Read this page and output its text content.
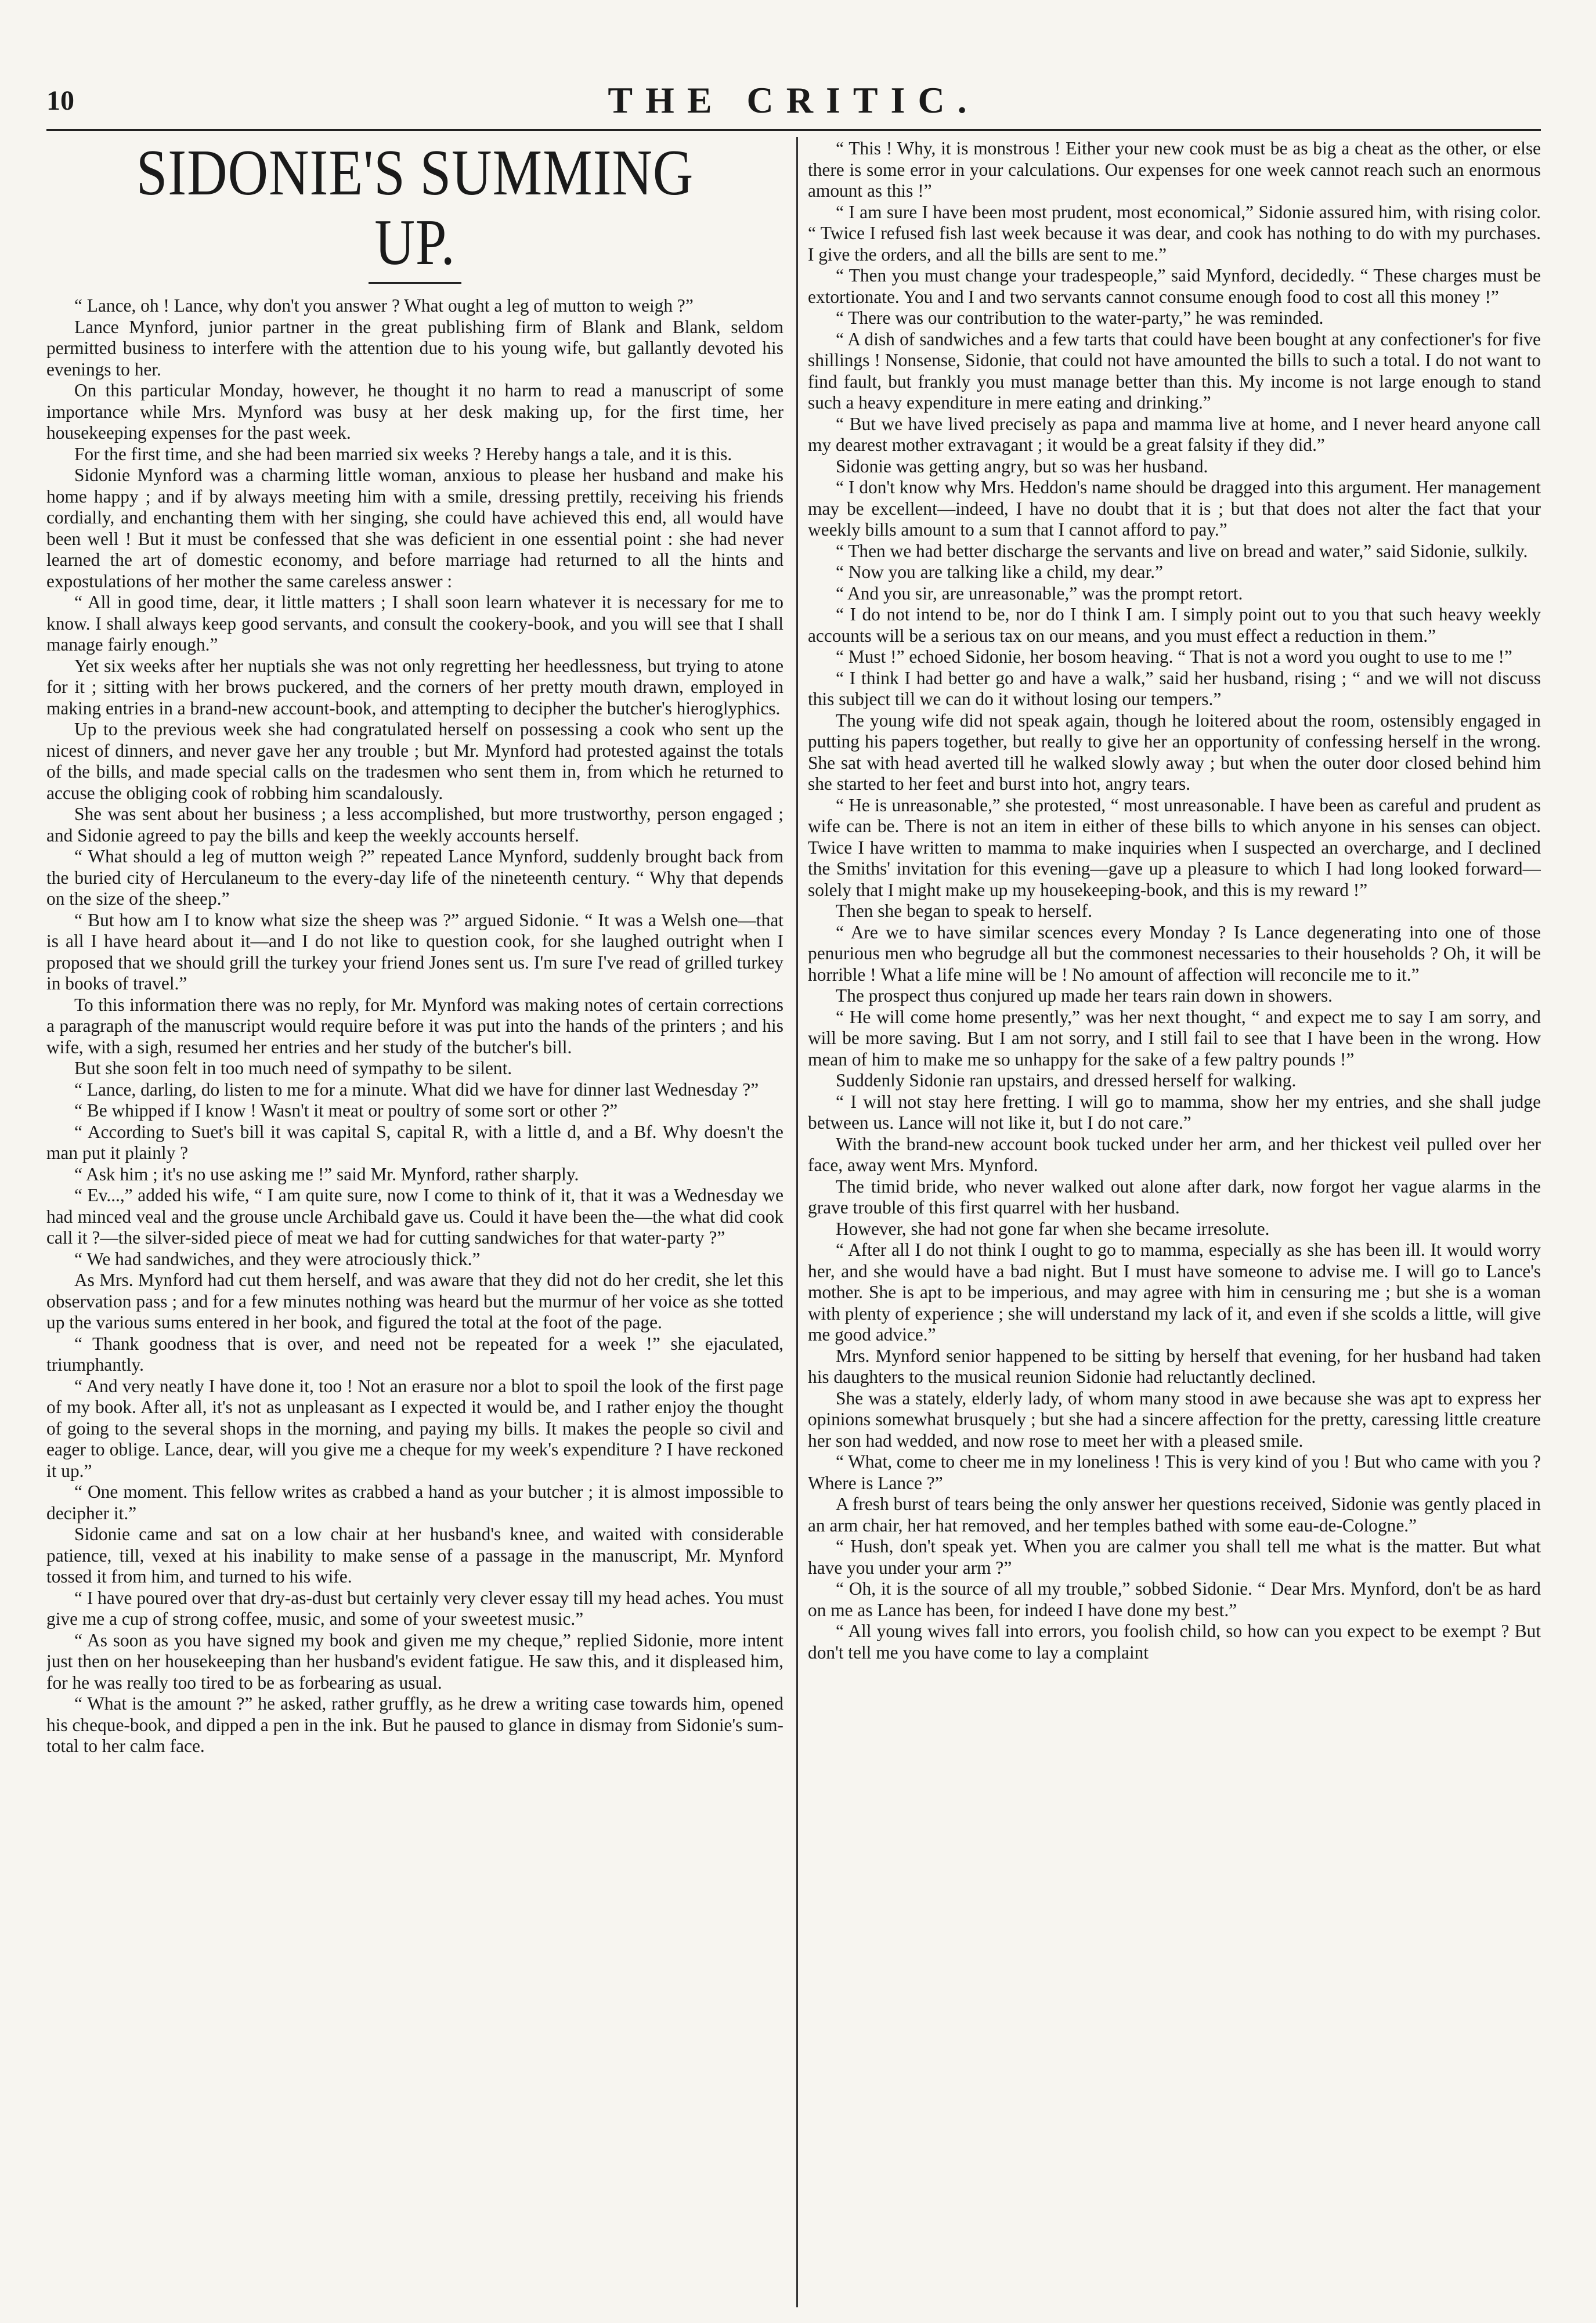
10	THE CRITIC.
SIDONIE'S SUMMING UP.

“ Lance, oh ! Lance, why don't you answer ? What ought a leg of mutton to weigh ?”

Lance Mynford, junior partner in the great publishing firm of Blank and Blank, seldom permitted business to interfere with the attention due to his young wife, but gallantly devoted his evenings to her.

On this particular Monday, however, he thought it no harm to read a manuscript of some importance while Mrs. Mynford was busy at her desk making up, for the first time, her housekeeping expenses for the past week.

For the first time, and she had been married six weeks ? Hereby hangs a tale, and it is this.

Sidonie Mynford was a charming little woman, anxious to please her husband and make his home happy ; and if by always meeting him with a smile, dressing prettily, receiving his friends cordially, and enchanting them with her singing, she could have achieved this end, all would have been well ! But it must be confessed that she was deficient in one essential point : she had never learned the art of domestic economy, and before marriage had returned to all the hints and expostulations of her mother the same careless answer :

“ All in good time, dear, it little matters ; I shall soon learn whatever it is necessary for me to know. I shall always keep good servants, and consult the cookery-book, and you will see that I shall manage fairly enough.”

Yet six weeks after her nuptials she was not only regretting her heedlessness, but trying to atone for it ; sitting with her brows puckered, and the corners of her pretty mouth drawn, employed in making entries in a brand-new account-book, and attempting to decipher the butcher's hieroglyphics.

Up to the previous week she had congratulated herself on possessing a cook who sent up the nicest of dinners, and never gave her any trouble ; but Mr. Mynford had protested against the totals of the bills, and made special calls on the tradesmen who sent them in, from which he returned to accuse the obliging cook of robbing him scandalously.

She was sent about her business ; a less accomplished, but more trustworthy, person engaged ; and Sidonie agreed to pay the bills and keep the weekly accounts herself.

“ What should a leg of mutton weigh ?” repeated Lance Mynford, suddenly brought back from the buried city of Herculaneum to the every-day life of the nineteenth century. “ Why that depends on the size of the sheep.”

“ But how am I to know what size the sheep was ?” argued Sidonie. “ It was a Welsh one—that is all I have heard about it—and I do not like to question cook, for she laughed outright when I proposed that we should grill the turkey your friend Jones sent us. I'm sure I've read of grilled turkey in books of travel.”

To this information there was no reply, for Mr. Mynford was making notes of certain corrections a paragraph of the manuscript would require before it was put into the hands of the printers ; and his wife, with a sigh, resumed her entries and her study of the butcher's bill.

But she soon felt in too much need of sympathy to be silent.

“ Lance, darling, do listen to me for a minute. What did we have for dinner last Wednesday ?”

“ Be whipped if I know ! Wasn't it meat or poultry of some sort or other ?”

“ According to Suet's bill it was capital S, capital R, with a little d, and a Bf. Why doesn't the man put it plainly ?

“ Ask him ; it's no use asking me !” said Mr. Mynford, rather sharply.

“ Ev...,” added his wife, “ I am quite sure, now I come to think of it, that it was a Wednesday we had minced veal and the grouse uncle Archibald gave us. Could it have been the—the what did cook call it ?—the silver-sided piece of meat we had for cutting sandwiches for that water-party ?”

“ We had sandwiches, and they were atrociously thick.”

As Mrs. Mynford had cut them herself, and was aware that they did not do her credit, she let this observation pass ; and for a few minutes nothing was heard but the murmur of her voice as she totted up the various sums entered in her book, and figured the total at the foot of the page.

“ Thank goodness that is over, and need not be repeated for a week !” she ejaculated, triumphantly.

“ And very neatly I have done it, too ! Not an erasure nor a blot to spoil the look of the first page of my book. After all, it's not as unpleasant as I expected it would be, and I rather enjoy the thought of going to the several shops in the morning, and paying my bills. It makes the people so civil and eager to oblige. Lance, dear, will you give me a cheque for my week's expenditure ? I have reckoned it up.”

“ One moment. This fellow writes as crabbed a hand as your butcher ; it is almost impossible to decipher it.”

Sidonie came and sat on a low chair at her husband's knee, and waited with considerable patience, till, vexed at his inability to make sense of a passage in the manuscript, Mr. Mynford tossed it from him, and turned to his wife.

“ I have poured over that dry-as-dust but certainly very clever essay till my head aches. You must give me a cup of strong coffee, music, and some of your sweetest music.”

“ As soon as you have signed my book and given me my cheque,” replied Sidonie, more intent just then on her housekeeping than her husband's evident fatigue. He saw this, and it displeased him, for he was really too tired to be as forbearing as usual.

“ What is the amount ?” he asked, rather gruffly, as he drew a writing case towards him, opened his cheque-book, and dipped a pen in the ink. But he paused to glance in dismay from Sidonie's sum-total to her calm face.

“ This ! Why, it is monstrous ! Either your new cook must be as big a cheat as the other, or else there is some error in your calculations. Our expenses for one week cannot reach such an enormous amount as this !”

“ I am sure I have been most prudent, most economical,” Sidonie assured him, with rising color. “ Twice I refused fish last week because it was dear, and cook has nothing to do with my purchases. I give the orders, and all the bills are sent to me.”

“ Then you must change your tradespeople,” said Mynford, decidedly. “ These charges must be extortionate. You and I and two servants cannot consume enough food to cost all this money !”

“ There was our contribution to the water-party,” he was reminded.

“ A dish of sandwiches and a few tarts that could have been bought at any confectioner's for five shillings ! Nonsense, Sidonie, that could not have amounted the bills to such a total. I do not want to find fault, but frankly you must manage better than this. My income is not large enough to stand such a heavy expenditure in mere eating and drinking.”

“ But we have lived precisely as papa and mamma live at home, and I never heard anyone call my dearest mother extravagant ; it would be a great falsity if they did.”

Sidonie was getting angry, but so was her husband.

“ I don't know why Mrs. Heddon's name should be dragged into this argument. Her management may be excellent—indeed, I have no doubt that it is ; but that does not alter the fact that your weekly bills amount to a sum that I cannot afford to pay.”

“ Then we had better discharge the servants and live on bread and water,” said Sidonie, sulkily.

“ Now you are talking like a child, my dear.”

“ And you sir, are unreasonable,” was the prompt retort.

“ I do not intend to be, nor do I think I am. I simply point out to you that such heavy weekly accounts will be a serious tax on our means, and you must effect a reduction in them.”

“ Must !” echoed Sidonie, her bosom heaving. “ That is not a word you ought to use to me !”

“ I think I had better go and have a walk,” said her husband, rising ; “ and we will not discuss this subject till we can do it without losing our tempers.”

The young wife did not speak again, though he loitered about the room, ostensibly engaged in putting his papers together, but really to give her an opportunity of confessing herself in the wrong. She sat with head averted till he walked slowly away ; but when the outer door closed behind him she started to her feet and burst into hot, angry tears.

“ He is unreasonable,” she protested, “ most unreasonable. I have been as careful and prudent as wife can be. There is not an item in either of these bills to which anyone in his senses can object. Twice I have written to mamma to make inquiries when I suspected an overcharge, and I declined the Smiths' invitation for this evening—gave up a pleasure to which I had long looked forward—solely that I might make up my housekeeping-book, and this is my reward !”

Then she began to speak to herself.

“ Are we to have similar scences every Monday ? Is Lance degenerating into one of those penurious men who begrudge all but the commonest necessaries to their households ? Oh, it will be horrible ! What a life mine will be ! No amount of affection will reconcile me to it.”

The prospect thus conjured up made her tears rain down in showers.

“ He will come home presently,” was her next thought, “ and expect me to say I am sorry, and will be more saving. But I am not sorry, and I still fail to see that I have been in the wrong. How mean of him to make me so unhappy for the sake of a few paltry pounds !”

Suddenly Sidonie ran upstairs, and dressed herself for walking.

“ I will not stay here fretting. I will go to mamma, show her my entries, and she shall judge between us. Lance will not like it, but I do not care.”

With the brand-new account book tucked under her arm, and her thickest veil pulled over her face, away went Mrs. Mynford.

The timid bride, who never walked out alone after dark, now forgot her vague alarms in the grave trouble of this first quarrel with her husband.

However, she had not gone far when she became irresolute.

“ After all I do not think I ought to go to mamma, especially as she has been ill. It would worry her, and she would have a bad night. But I must have someone to advise me. I will go to Lance's mother. She is apt to be imperious, and may agree with him in censuring me ; but she is a woman with plenty of experience ; she will understand my lack of it, and even if she scolds a little, will give me good advice.”

Mrs. Mynford senior happened to be sitting by herself that evening, for her husband had taken his daughters to the musical reunion Sidonie had reluctantly declined.

She was a stately, elderly lady, of whom many stood in awe because she was apt to express her opinions somewhat brusquely ; but she had a sincere affection for the pretty, caressing little creature her son had wedded, and now rose to meet her with a pleased smile.

“ What, come to cheer me in my loneliness ! This is very kind of you ! But who came with you ? Where is Lance ?”

A fresh burst of tears being the only answer her questions received, Sidonie was gently placed in an arm chair, her hat removed, and her temples bathed with some eau-de-Cologne.”

“ Hush, don't speak yet. When you are calmer you shall tell me what is the matter. But what have you under your arm ?”

“ Oh, it is the source of all my trouble,” sobbed Sidonie. “ Dear Mrs. Mynford, don't be as hard on me as Lance has been, for indeed I have done my best.”

“ All young wives fall into errors, you foolish child, so how can you expect to be exempt ? But don't tell me you have come to lay a complaint
